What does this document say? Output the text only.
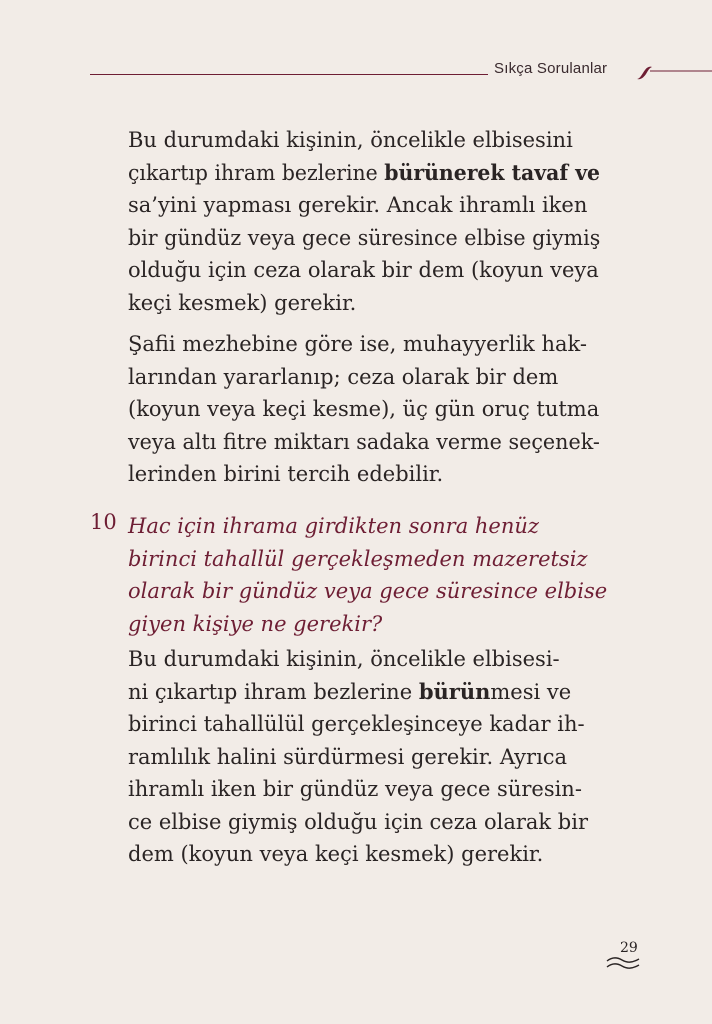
Sıkça Sorulanlar
Bu durumdaki kişinin, öncelikle elbisesini
çıkartıp ihram bezlerine bürünerek tavaf ve
sa’yini yapması gerekir. Ancak ihramlı iken
bir gündüz veya gece süresince elbise giymiş
olduğu için ceza olarak bir dem (koyun veya
keçi kesmek) gerekir.
Şafii mezhebine göre ise, muhayyerlik hak-
larından yararlanıp; ceza olarak bir dem
(koyun veya keçi kesme), üç gün oruç tutma
veya altı fitre miktarı sadaka verme seçenek-
lerinden birini tercih edebilir.
10 Hac için ihrama girdikten sonra henüz
birinci tahallül gerçekleşmeden mazeretsiz
olarak bir gündüz veya gece süresince elbise
giyen kişiye ne gerekir?
Bu durumdaki kişinin, öncelikle elbisesi-
ni çıkartıp ihram bezlerine bürünmesi ve
birinci tahallülül gerçekleşinceye kadar ih-
ramlılık halini sürdürmesi gerekir. Ayrıca
ihramlı iken bir gündüz veya gece süresin-
ce elbise giymiş olduğu için ceza olarak bir
dem (koyun veya keçi kesmek) gerekir.
29
